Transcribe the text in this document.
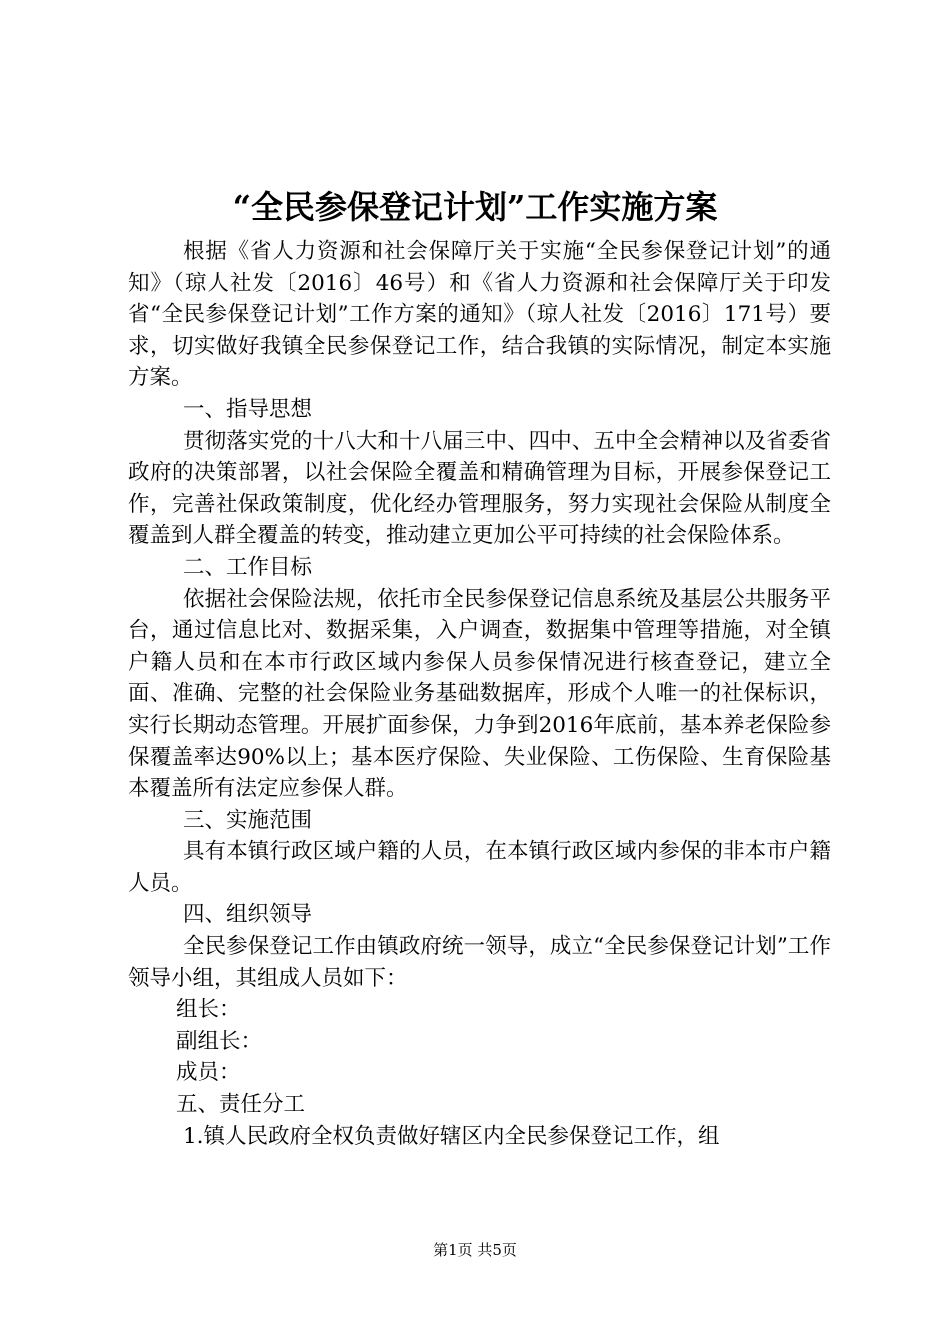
“全民参保登记计划”工作实施方案

根据《省人力资源和社会保障厅关于实施“全民参保登记计划”的通知》（琼人社发〔2016〕46号）和《省人力资源和社会保障厅关于印发省“全民参保登记计划”工作方案的通知》（琼人社发〔2016〕171号）要求，切实做好我镇全民参保登记工作，结合我镇的实际情况，制定本实施方案。

一、指导思想

贯彻落实党的十八大和十八届三中、四中、五中全会精神以及省委省政府的决策部署，以社会保险全覆盖和精确管理为目标，开展参保登记工作，完善社保政策制度，优化经办管理服务，努力实现社会保险从制度全覆盖到人群全覆盖的转变，推动建立更加公平可持续的社会保险体系。

二、工作目标

依据社会保险法规，依托市全民参保登记信息系统及基层公共服务平台，通过信息比对、数据采集，入户调查，数据集中管理等措施，对全镇户籍人员和在本市行政区域内参保人员参保情况进行核查登记，建立全面、准确、完整的社会保险业务基础数据库，形成个人唯一的社保标识，实行长期动态管理。开展扩面参保，力争到2016年底前，基本养老保险参保覆盖率达90%以上；基本医疗保险、失业保险、工伤保险、生育保险基本覆盖所有法定应参保人群。

三、实施范围

具有本镇行政区域户籍的人员，在本镇行政区域内参保的非本市户籍人员。

四、组织领导

全民参保登记工作由镇政府统一领导，成立“全民参保登记计划”工作领导小组，其组成人员如下：

组长：

副组长：

成员：

五、责任分工

1.镇人民政府全权负责做好辖区内全民参保登记工作，组

第1页 共5页
